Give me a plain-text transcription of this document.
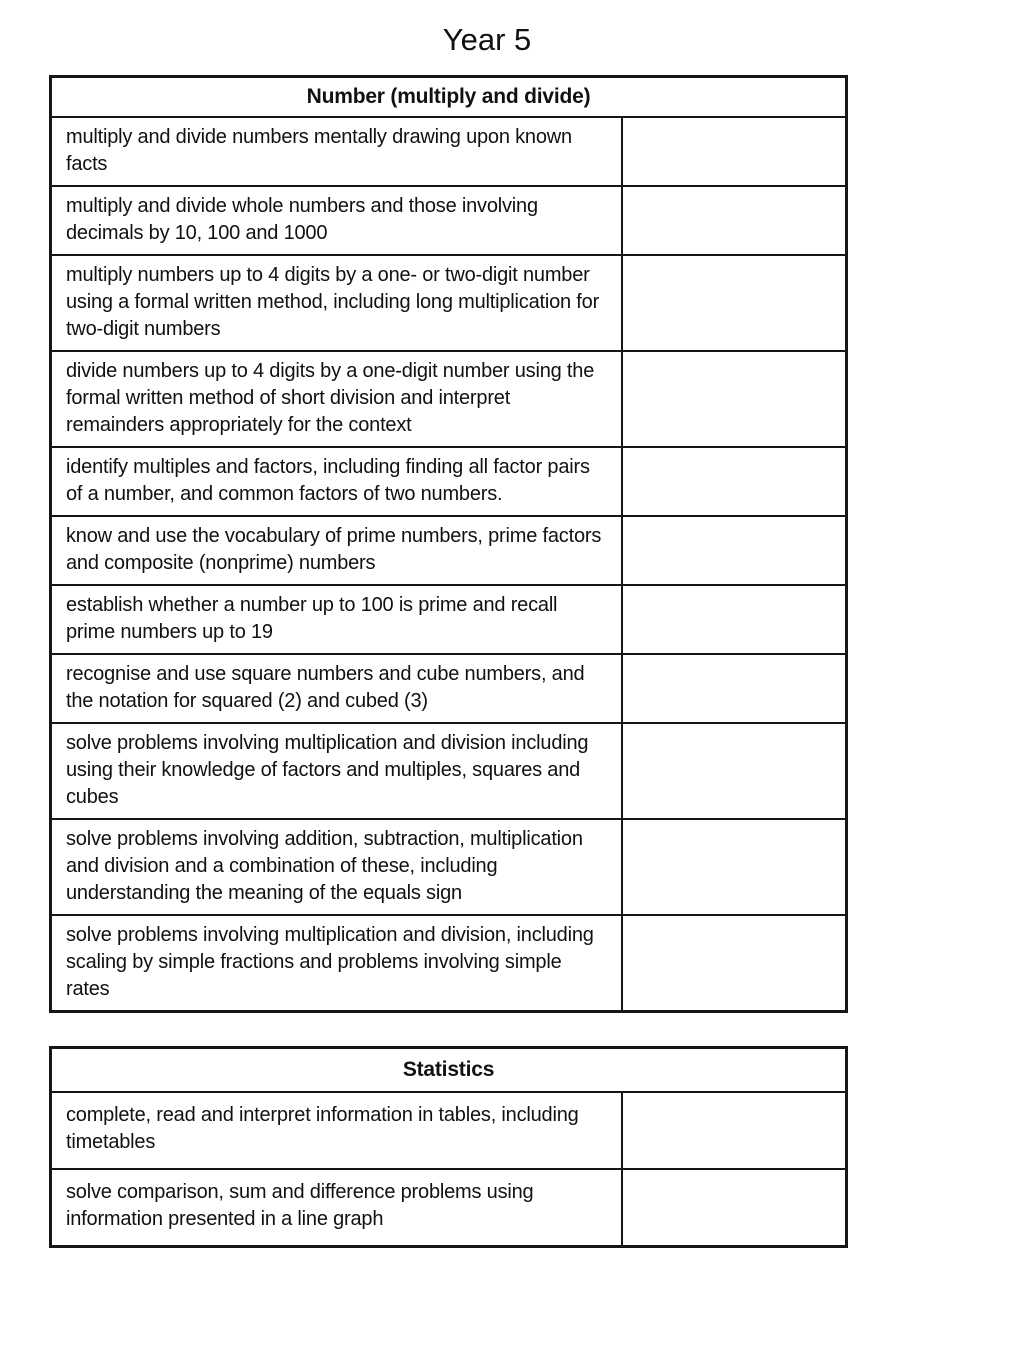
Year 5
Number (multiply and divide)	
multiply and divide numbers mentally drawing upon known facts	
multiply and divide whole numbers and those involving decimals by 10, 100 and 1000	
multiply numbers up to 4 digits by a one- or two-digit number using a formal written method, including long multiplication for two-digit numbers	
divide numbers up to 4 digits by a one-digit number using the formal written method of short division and interpret remainders appropriately for the context	
identify multiples and factors, including finding all factor pairs of a number, and common factors of two numbers.	
know and use the vocabulary of prime numbers, prime factors and composite (nonprime) numbers	
establish whether a number up to 100 is prime and recall prime numbers up to 19	
recognise and use square numbers and cube numbers, and the notation for squared (2) and cubed (3)	
solve problems involving multiplication and division including using their knowledge of factors and multiples, squares and cubes	
solve problems involving addition, subtraction, multiplication and division and a combination of these, including understanding the meaning of the equals sign	
solve problems involving multiplication and division, including scaling by simple fractions and problems involving simple rates	
Statistics	
complete, read and interpret information in tables, including timetables	
solve comparison, sum and difference problems using information presented in a line graph	
